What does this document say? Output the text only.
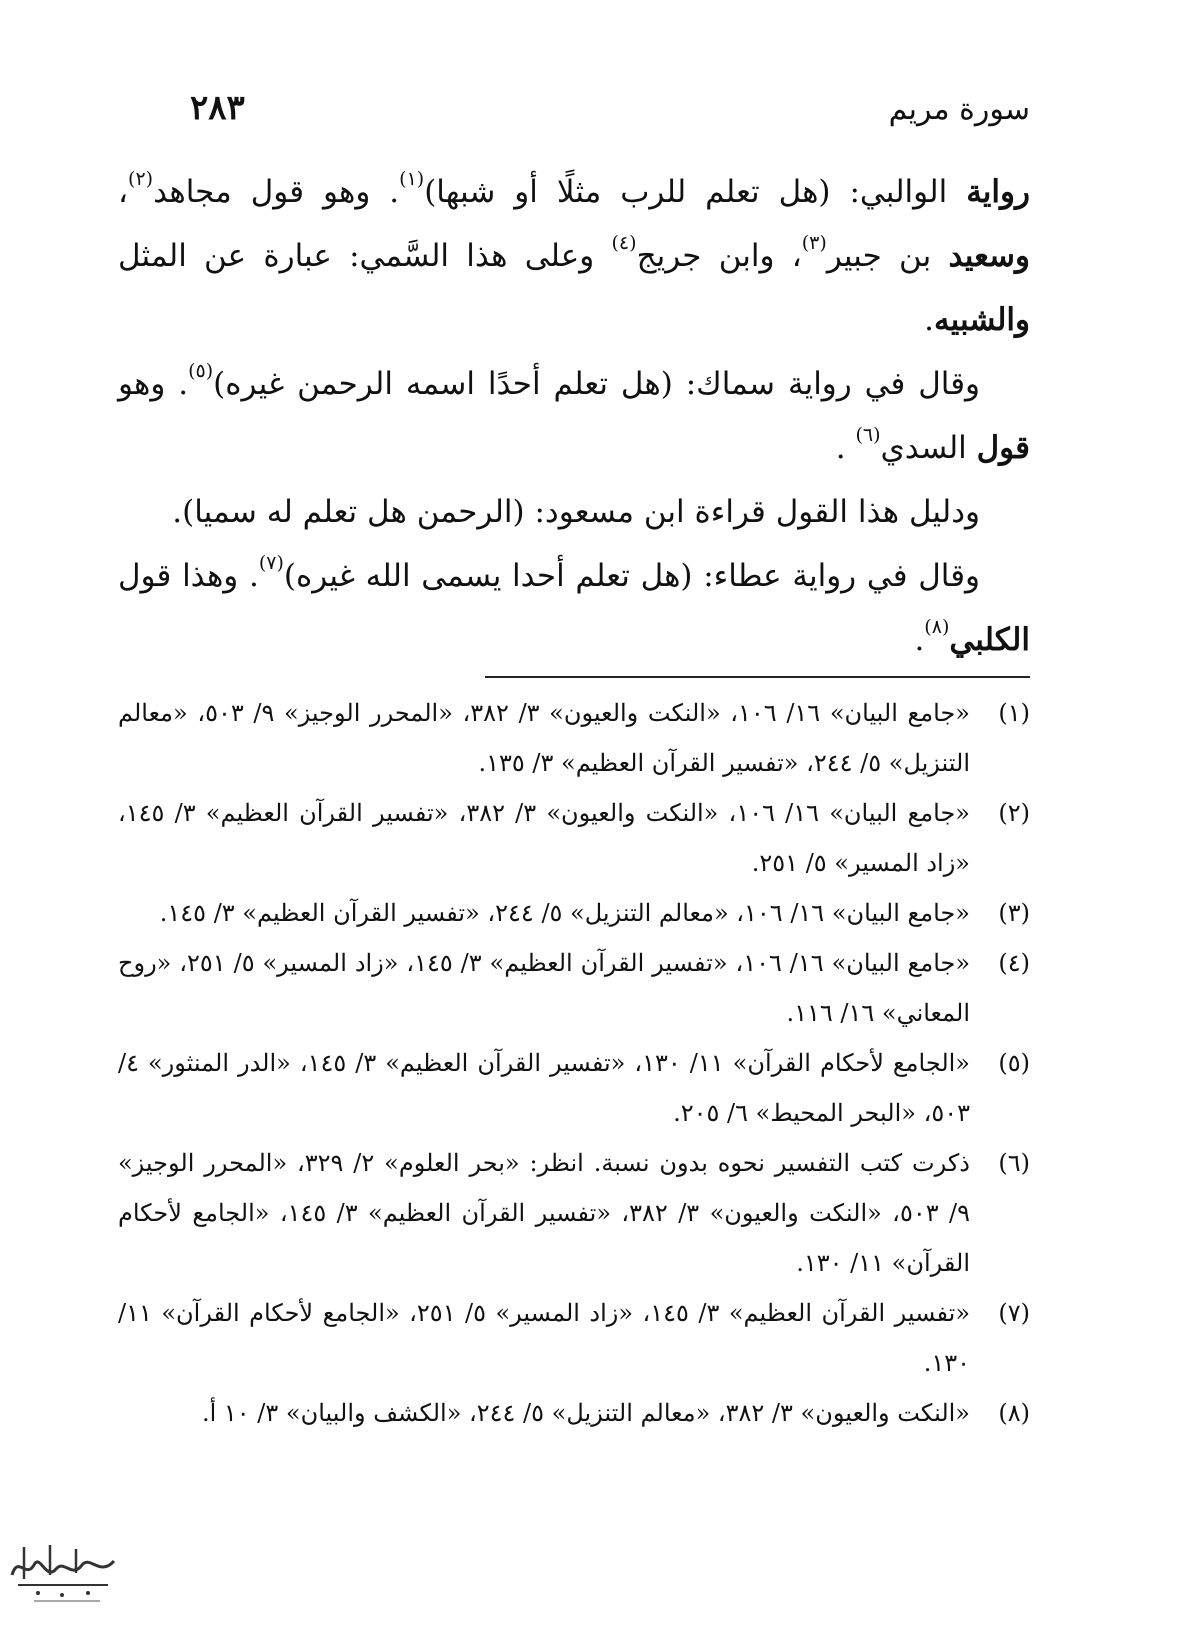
سورة مريم
٢٨٣

رواية الوالبي: (هل تعلم للرب مثلًا أو شبها)$^{(١)}$. وهو قول مجاهد$^{(٢)}$، وسعيد بن جبير$^{(٣)}$، وابن جريج$^{(٤)}$ وعلى هذا السَّمي: عبارة عن المثل والشبيه.

وقال في رواية سماك: (هل تعلم أحدًا اسمه الرحمن غيره)$^{(٥)}$. وهو قول السدي$^{(٦)}$ .

ودليل هذا القول قراءة ابن مسعود: (الرحمن هل تعلم له سميا).

وقال في رواية عطاء: (هل تعلم أحدا يسمى الله غيره)$^{(٧)}$. وهذا قول الكلبي$^{(٨)}$.

(١)
«جامع البيان» ١٦/ ١٠٦، «النكت والعيون» ٣/ ٣٨٢، «المحرر الوجيز» ٩/ ٥٠٣، «معالم التنزيل» ٥/ ٢٤٤، «تفسير القرآن العظيم» ٣/ ١٣٥.
(٢)
«جامع البيان» ١٦/ ١٠٦، «النكت والعيون» ٣/ ٣٨٢، «تفسير القرآن العظيم» ٣/ ١٤٥، «زاد المسير» ٥/ ٢٥١.
(٣)
«جامع البيان» ١٦/ ١٠٦، «معالم التنزيل» ٥/ ٢٤٤، «تفسير القرآن العظيم» ٣/ ١٤٥.
(٤)
«جامع البيان» ١٦/ ١٠٦، «تفسير القرآن العظيم» ٣/ ١٤٥، «زاد المسير» ٥/ ٢٥١، «روح المعاني» ١٦/ ١١٦.
(٥)
«الجامع لأحكام القرآن» ١١/ ١٣٠، «تفسير القرآن العظيم» ٣/ ١٤٥، «الدر المنثور» ٤/ ٥٠٣، «البحر المحيط» ٦/ ٢٠٥.
(٦)
ذكرت كتب التفسير نحوه بدون نسبة. انظر: «بحر العلوم» ٢/ ٣٢٩، «المحرر الوجيز» ٩/ ٥٠٣، «النكت والعيون» ٣/ ٣٨٢، «تفسير القرآن العظيم» ٣/ ١٤٥، «الجامع لأحكام القرآن» ١١/ ١٣٠.
(٧)
«تفسير القرآن العظيم» ٣/ ١٤٥، «زاد المسير» ٥/ ٢٥١، «الجامع لأحكام القرآن» ١١/ ١٣٠.
(٨)
«النكت والعيون» ٣/ ٣٨٢، «معالم التنزيل» ٥/ ٢٤٤، «الكشف والبيان» ٣/ ١٠ أ.
